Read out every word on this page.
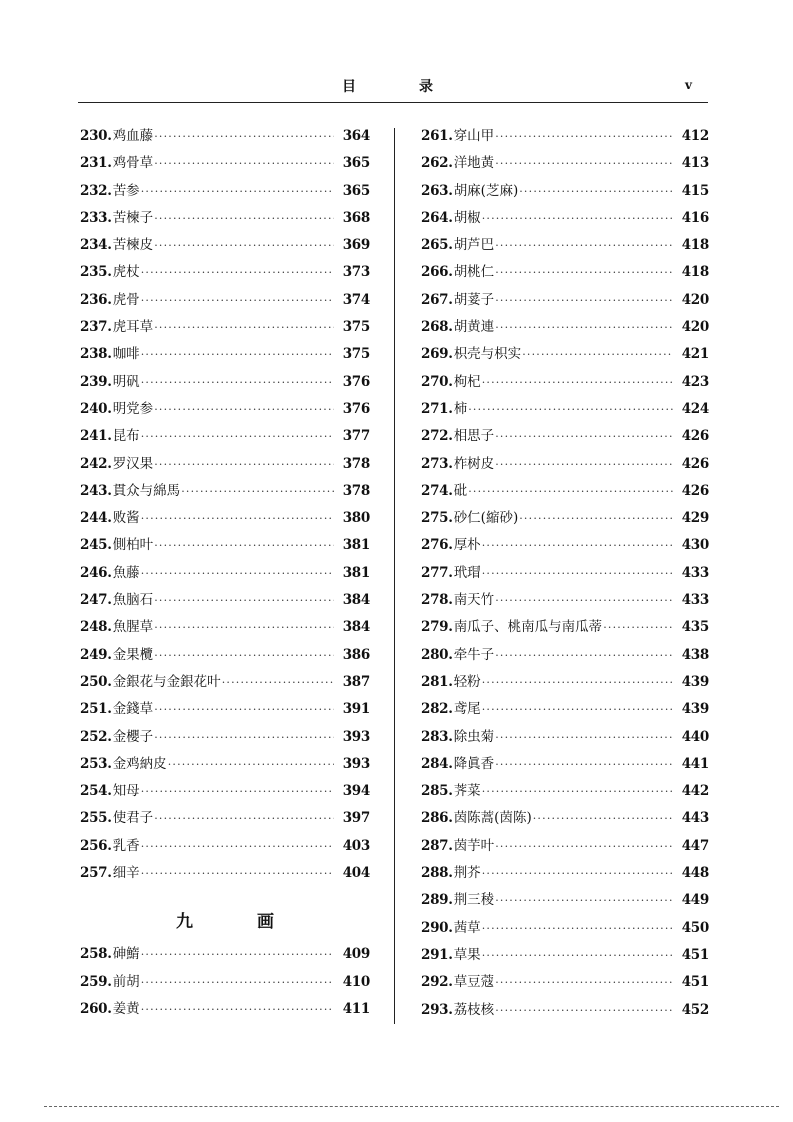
目	录	v
230. 鸡血藤 ·····	364
231. 鸡骨草 ·····	365
232. 苦参 ·····	365
233. 苦楝子 ·····	368
234. 苦楝皮 ·····	369
235. 虎杖 ·····	373
236. 虎骨 ·····	374
237. 虎耳草 ·····	375
238. 咖啡 ·····	375
239. 明矾 ·····	376
240. 明党参 ·····	376
241. 昆布 ·····	377
242. 罗汉果 ·····	378
243. 貫众与綿馬 ·····	378
244. 败酱 ·····	380
245. 側柏叶 ·····	381
246. 魚藤 ·····	381
247. 魚脑石 ·····	384
248. 魚腥草 ·····	384
249. 金果欖 ·····	386
250. 金銀花与金銀花叶 ·····	387
251. 金錢草 ·····	391
252. 金櫻子 ·····	393
253. 金鸡納皮 ·····	393
254. 知母 ·····	394
255. 使君子 ·····	397
256. 乳香 ·····	403
257. 细辛 ·····	404
九	画
258. 砷鰖 ·····	409
259. 前胡 ·····	410
260. 姜黄 ·····	411
261. 穿山甲 ·····	412
262. 洋地黃 ·····	413
263. 胡麻(芝麻) ·····	415
264. 胡椒 ·····	416
265. 胡芦巴 ·····	418
266. 胡桃仁 ·····	418
267. 胡荽子 ·····	420
268. 胡黄連 ·····	420
269. 枳壳与枳实 ·····	421
270. 枸杞 ·····	423
271. 柿 ·····	424
272. 相思子 ·····	426
273. 柞树皮 ·····	426
274. 砒 ·····	426
275. 砂仁(縮砂) ·····	429
276. 厚朴 ·····	430
277. 玳瑁 ·····	433
278. 南天竹 ·····	433
279. 南瓜子、桃南瓜与南瓜蒂 ·····	435
280. 牵牛子 ·····	438
281. 轻粉 ·····	439
282. 鸢尾 ·····	439
283. 除虫菊 ·····	440
284. 降眞香 ·····	441
285. 荠菜 ·····	442
286. 茵陈蒿(茵陈) ·····	443
287. 茵芋叶 ·····	447
288. 荆芥 ·····	448
289. 荆三稜 ·····	449
290. 茜草 ·····	450
291. 草果 ·····	451
292. 草豆蔻 ·····	451
293. 荔枝核 ·····	452
